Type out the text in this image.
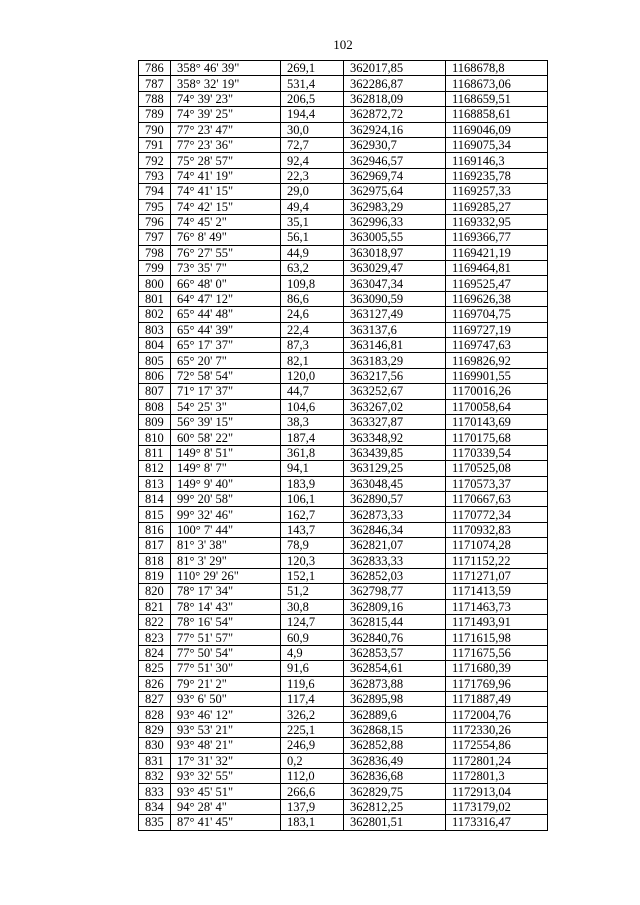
102
786	358° 46' 39"	269,1	362017,85	1168678,8
787	358° 32' 19"	531,4	362286,87	1168673,06
788	74° 39' 23"	206,5	362818,09	1168659,51
789	74° 39' 25"	194,4	362872,72	1168858,61
790	77° 23' 47"	30,0	362924,16	1169046,09
791	77° 23' 36"	72,7	362930,7	1169075,34
792	75° 28' 57"	92,4	362946,57	1169146,3
793	74° 41' 19"	22,3	362969,74	1169235,78
794	74° 41' 15"	29,0	362975,64	1169257,33
795	74° 42' 15"	49,4	362983,29	1169285,27
796	74° 45' 2"	35,1	362996,33	1169332,95
797	76° 8' 49"	56,1	363005,55	1169366,77
798	76° 27' 55"	44,9	363018,97	1169421,19
799	73° 35' 7"	63,2	363029,47	1169464,81
800	66° 48' 0"	109,8	363047,34	1169525,47
801	64° 47' 12"	86,6	363090,59	1169626,38
802	65° 44' 48"	24,6	363127,49	1169704,75
803	65° 44' 39"	22,4	363137,6	1169727,19
804	65° 17' 37"	87,3	363146,81	1169747,63
805	65° 20' 7"	82,1	363183,29	1169826,92
806	72° 58' 54"	120,0	363217,56	1169901,55
807	71° 17' 37"	44,7	363252,67	1170016,26
808	54° 25' 3"	104,6	363267,02	1170058,64
809	56° 39' 15"	38,3	363327,87	1170143,69
810	60° 58' 22"	187,4	363348,92	1170175,68
811	149° 8' 51"	361,8	363439,85	1170339,54
812	149° 8' 7"	94,1	363129,25	1170525,08
813	149° 9' 40"	183,9	363048,45	1170573,37
814	99° 20' 58"	106,1	362890,57	1170667,63
815	99° 32' 46"	162,7	362873,33	1170772,34
816	100° 7' 44"	143,7	362846,34	1170932,83
817	81° 3' 38"	78,9	362821,07	1171074,28
818	81° 3' 29"	120,3	362833,33	1171152,22
819	110° 29' 26"	152,1	362852,03	1171271,07
820	78° 17' 34"	51,2	362798,77	1171413,59
821	78° 14' 43"	30,8	362809,16	1171463,73
822	78° 16' 54"	124,7	362815,44	1171493,91
823	77° 51' 57"	60,9	362840,76	1171615,98
824	77° 50' 54"	4,9	362853,57	1171675,56
825	77° 51' 30"	91,6	362854,61	1171680,39
826	79° 21' 2"	119,6	362873,88	1171769,96
827	93° 6' 50"	117,4	362895,98	1171887,49
828	93° 46' 12"	326,2	362889,6	1172004,76
829	93° 53' 21"	225,1	362868,15	1172330,26
830	93° 48' 21"	246,9	362852,88	1172554,86
831	17° 31' 32"	0,2	362836,49	1172801,24
832	93° 32' 55"	112,0	362836,68	1172801,3
833	93° 45' 51"	266,6	362829,75	1172913,04
834	94° 28' 4"	137,9	362812,25	1173179,02
835	87° 41' 45"	183,1	362801,51	1173316,47
